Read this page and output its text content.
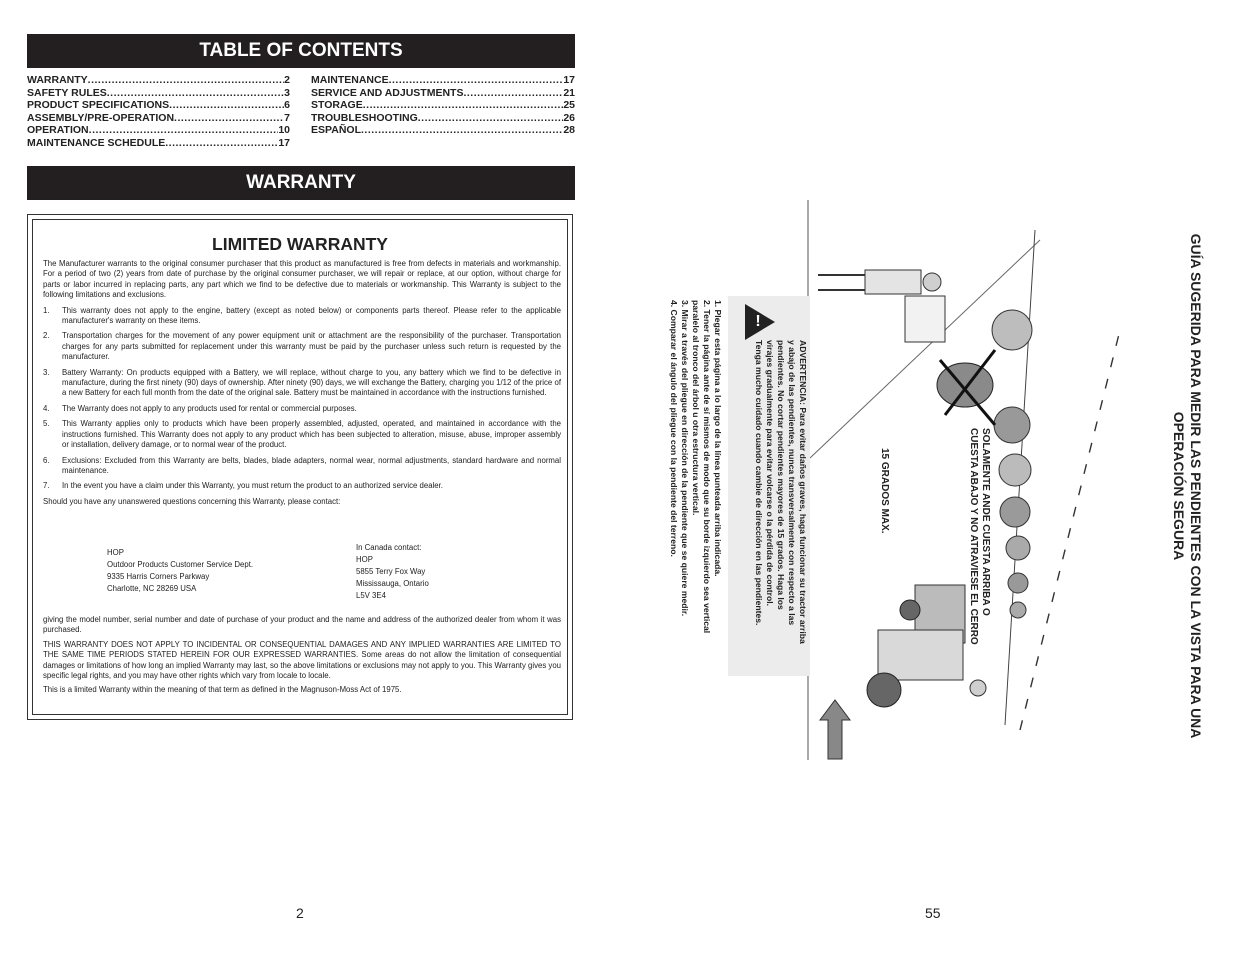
TABLE OF CONTENTS
WARRANTY .....	2
SAFETY RULES .....	3
PRODUCT SPECIFICATIONS .....	6
ASSEMBLY/PRE-OPERATION .....	7
OPERATION .....	10
MAINTENANCE SCHEDULE .....	17
MAINTENANCE .....	17
SERVICE AND ADJUSTMENTS .....	21
STORAGE .....	25
TROUBLESHOOTING .....	26
ESPAÑOL .....	28
WARRANTY
LIMITED WARRANTY

The Manufacturer warrants to the original consumer purchaser that this product as manufactured is free from defects in materials and workmanship. For a period of two (2) years from date of purchase by the original consumer purchaser, we will repair or replace, at our option, without charge for parts or labor incurred in replacing parts, any part which we find to be defective due to materials or workmanship. This Warranty is subject to the following limitations and exclusions.

1.	This warranty does not apply to the engine, battery (except as noted below) or components parts thereof. Please refer to the applicable manufacturer's warranty on these items.
2.	Transportation charges for the movement of any power equipment unit or attachment are the responsibility of the purchaser. Transportation charges for any parts submitted for replacement under this warranty must be paid by the purchaser unless such return is requested by the manufacturer.
3.	Battery Warranty: On products equipped with a Battery, we will replace, without charge to you, any battery which we find to be defective in manufacture, during the first ninety (90) days of ownership. After ninety (90) days, we will exchange the Battery, charging you 1/12 of the price of a new Battery for each full month from the date of the original sale. Battery must be maintained in accordance with the instructions furnished.
4.	The Warranty does not apply to any products used for rental or commercial purposes.
5.	This Warranty applies only to products which have been properly assembled, adjusted, operated, and maintained in accordance with the instructions furnished. This Warranty does not apply to any product which has been subjected to alteration, misuse, abuse, improper assembly or installation, delivery damage, or to normal wear of the product.
6.	Exclusions: Excluded from this Warranty are belts, blades, blade adapters, normal wear, normal adjustments, standard hardware and normal maintenance.
7.	In the event you have a claim under this Warranty, you must return the product to an authorized service dealer.

Should you have any unanswered questions concerning this Warranty, please contact:

HOP
Outdoor Products Customer Service Dept.
9335 Harris Corners Parkway
Charlotte, NC 28269 USA
In Canada contact:
HOP
5855 Terry Fox Way
Mississauga, Ontario
L5V 3E4

giving the model number, serial number and date of purchase of your product and the name and address of the authorized dealer from whom it was purchased.

THIS WARRANTY DOES NOT APPLY TO INCIDENTAL OR CONSEQUENTIAL DAMAGES AND ANY IMPLIED WARRANTIES ARE LIMITED TO THE SAME TIME PERIODS STATED HEREIN FOR OUR EXPRESSED WARRANTIES. Some areas do not allow the limitation of consequential damages or limitations of how long an implied Warranty may last, so the above limitations or exclusions may not apply to you. This Warranty gives you specific legal rights, and you may have other rights which vary from locale to locale.

This is a limited Warranty within the meaning of that term as defined in the Magnuson-Moss Act of 1975.

2	55
GUÍA SUGERIDA PARA MEDIR LAS PENDIENTES CON LA VISTA PARA UNA OPERACIÓN SEGURA
!
ADVERTENCIA: Para evitar daños graves, haga funcionar su tractor arriba
y abajo de las pendientes, nunca transversalmente con respecto a las
pendientes. No cortar pendientes mayores de 15 grados. Haga los
virajes gradualmente para evitar volcarse o la pérdida de control.
Tenga mucho cuidado cuando cambie de dirección en las pendientes.
1. Plegar esta página a lo largo de la línea punteada arriba indicada.
2. Tener la página ante de sí mismos de modo que su borde izquierdo sea vertical
paralelo al tronco del árbol u otra estructura vertical.
3. Mirar a través del pliegue en dirección de la pendiente que se quiere medir.
4. Comparar el ángulo del pliegue con la pendiente del terreno.	15 GRADOS MAX.	SOLAMENTE ANDE CUESTA ARRIBA O
CUESTA ABAJO Y NO ATRAVIESE EL CERRO
